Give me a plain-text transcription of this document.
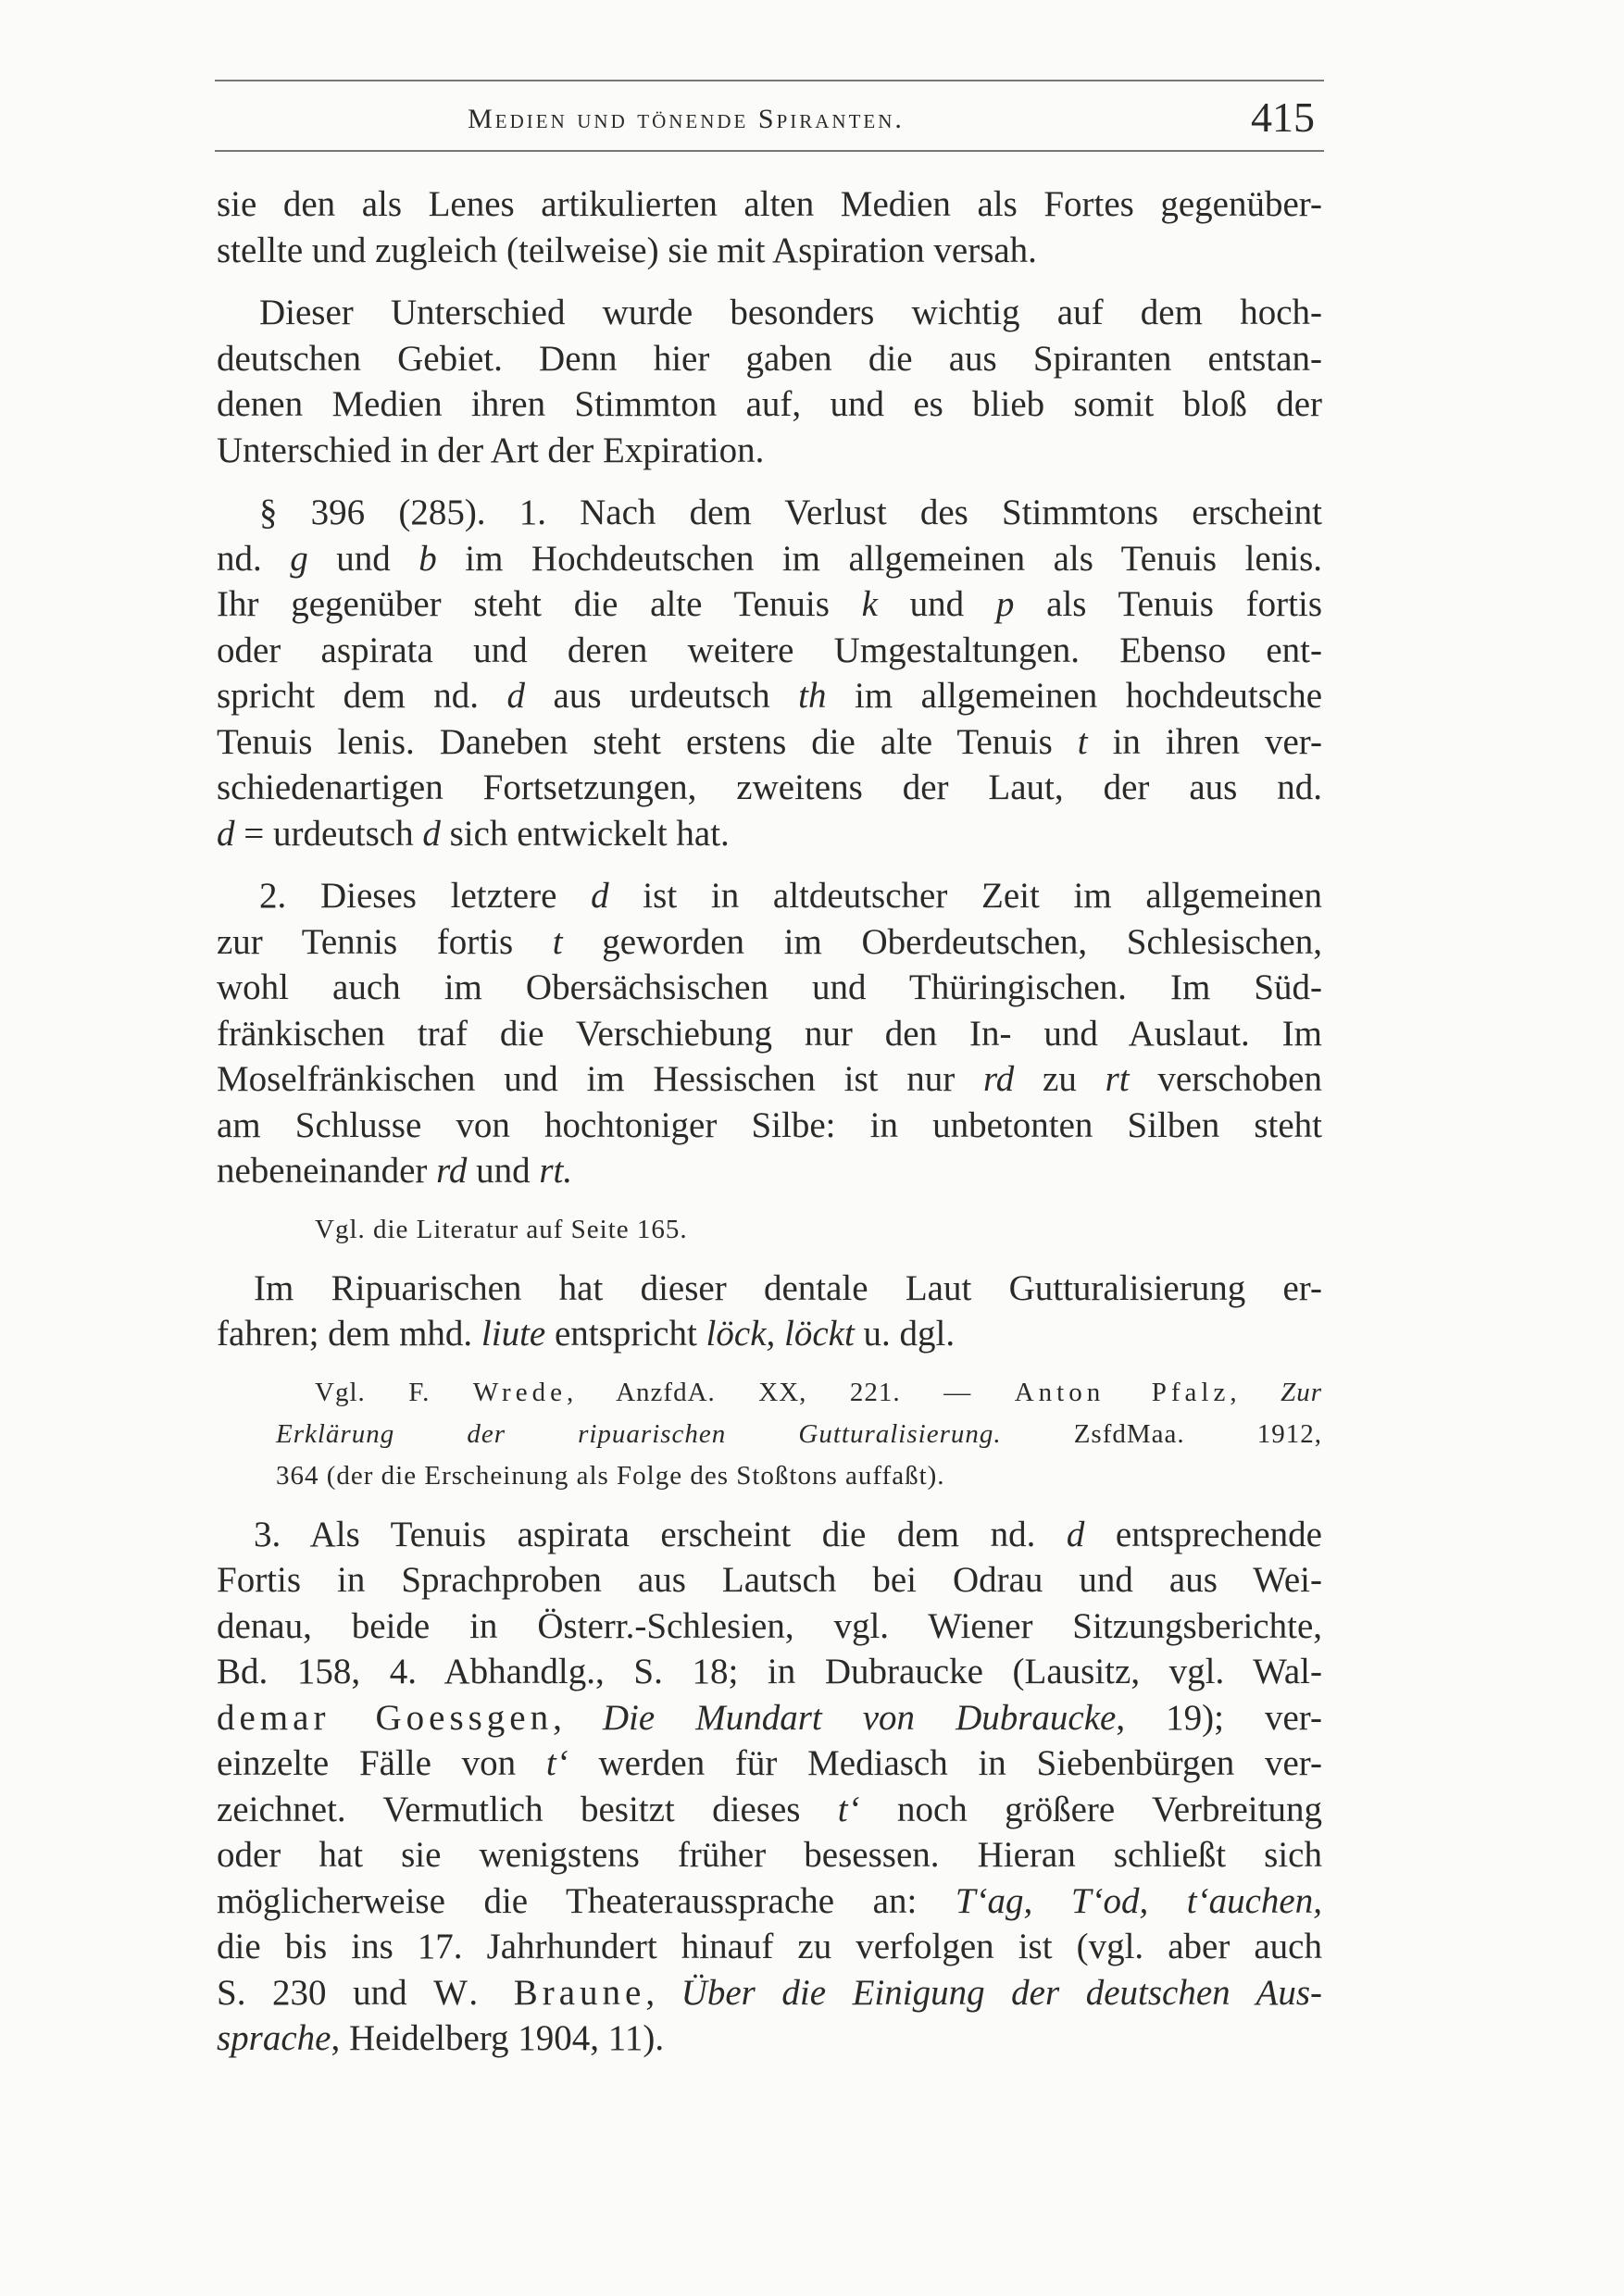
Medien und tönende Spiranten.	415
sie den als Lenes artikulierten alten Medien als Fortes gegenüber-
stellte und zugleich (teilweise) sie mit Aspiration versah.
Dieser Unterschied wurde besonders wichtig auf dem hoch-
deutschen Gebiet. Denn hier gaben die aus Spiranten entstan-
denen Medien ihren Stimmton auf, und es blieb somit bloß der
Unterschied in der Art der Expiration.
§ 396 (285). 1. Nach dem Verlust des Stimmtons erscheint
nd. g und b im Hochdeutschen im allgemeinen als Tenuis lenis.
Ihr gegenüber steht die alte Tenuis k und p als Tenuis fortis
oder aspirata und deren weitere Umgestaltungen. Ebenso ent-
spricht dem nd. d aus urdeutsch th im allgemeinen hochdeutsche
Tenuis lenis. Daneben steht erstens die alte Tenuis t in ihren ver-
schiedenartigen Fortsetzungen, zweitens der Laut, der aus nd.
d = urdeutsch d sich entwickelt hat.
2. Dieses letztere d ist in altdeutscher Zeit im allgemeinen
zur Tennis fortis t geworden im Oberdeutschen, Schlesischen,
wohl auch im Obersächsischen und Thüringischen. Im Süd-
fränkischen traf die Verschiebung nur den In- und Auslaut. Im
Moselfränkischen und im Hessischen ist nur rd zu rt verschoben
am Schlusse von hochtoniger Silbe: in unbetonten Silben steht
nebeneinander rd und rt.
Vgl. die Literatur auf Seite 165.
Im Ripuarischen hat dieser dentale Laut Gutturalisierung er-
fahren; dem mhd. liute entspricht löck, löckt u. dgl.
Vgl. F. Wrede, AnzfdA. XX, 221. — Anton Pfalz, Zur
Erklärung der ripuarischen Gutturalisierung. ZsfdMaa. 1912,
364 (der die Erscheinung als Folge des Stoßtons auffaßt).
3. Als Tenuis aspirata erscheint die dem nd. d entsprechende
Fortis in Sprachproben aus Lautsch bei Odrau und aus Wei-
denau, beide in Österr.-Schlesien, vgl. Wiener Sitzungsberichte,
Bd. 158, 4. Abhandlg., S. 18; in Dubraucke (Lausitz, vgl. Wal-
demar Goessgen, Die Mundart von Dubraucke, 19); ver-
einzelte Fälle von t‘ werden für Mediasch in Siebenbürgen ver-
zeichnet. Vermutlich besitzt dieses t‘ noch größere Verbreitung
oder hat sie wenigstens früher besessen. Hieran schließt sich
möglicherweise die Theateraussprache an: T‘ag, T‘od, t‘auchen,
die bis ins 17. Jahrhundert hinauf zu verfolgen ist (vgl. aber auch
S. 230 und W. Braune, Über die Einigung der deutschen Aus-
sprache, Heidelberg 1904, 11).
